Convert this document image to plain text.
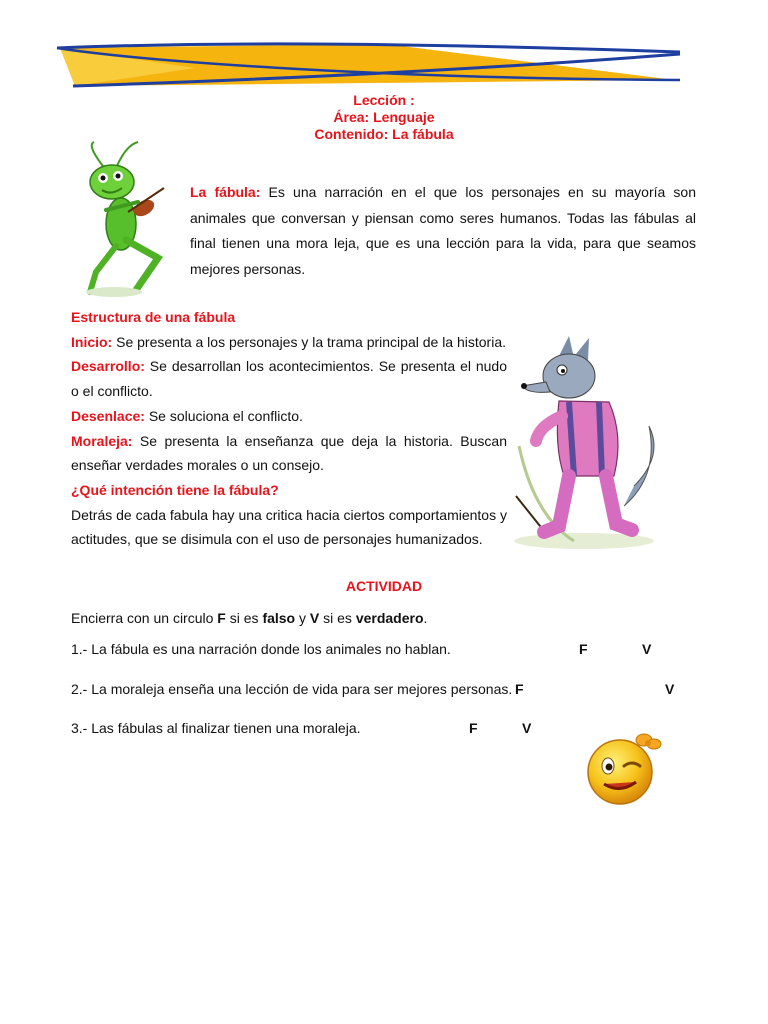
Lección :
Área: Lenguaje
Contenido: La fábula
La fábula: Es una narración en el que los personajes en su mayoría son animales que conversan y piensan como seres humanos. Todas las fábulas al final tienen una mora leja, que es una lección para la vida, para que seamos mejores personas.

Estructura de una fábula

Inicio: Se presenta a los personajes y la trama principal de la historia.

Desarrollo: Se desarrollan los acontecimientos. Se presenta el nudo o el conflicto.

Desenlace: Se soluciona el conflicto.

Moraleja: Se presenta la enseñanza que deja la historia. Buscan enseñar verdades morales o un consejo.

¿Qué intención tiene la fábula?

Detrás de cada fabula hay una critica hacia ciertos comportamientos y actitudes, que se disimula con el uso de personajes humanizados.

ACTIVIDAD
Encierra con un circulo F si es falso y V si es verdadero.
1.- La fábula es una narración donde los animales no hablan.	F	V
2.- La moraleja enseña una lección de vida para ser mejores personas. F	V
3.- Las fábulas al finalizar tienen una moraleja.	F	V
